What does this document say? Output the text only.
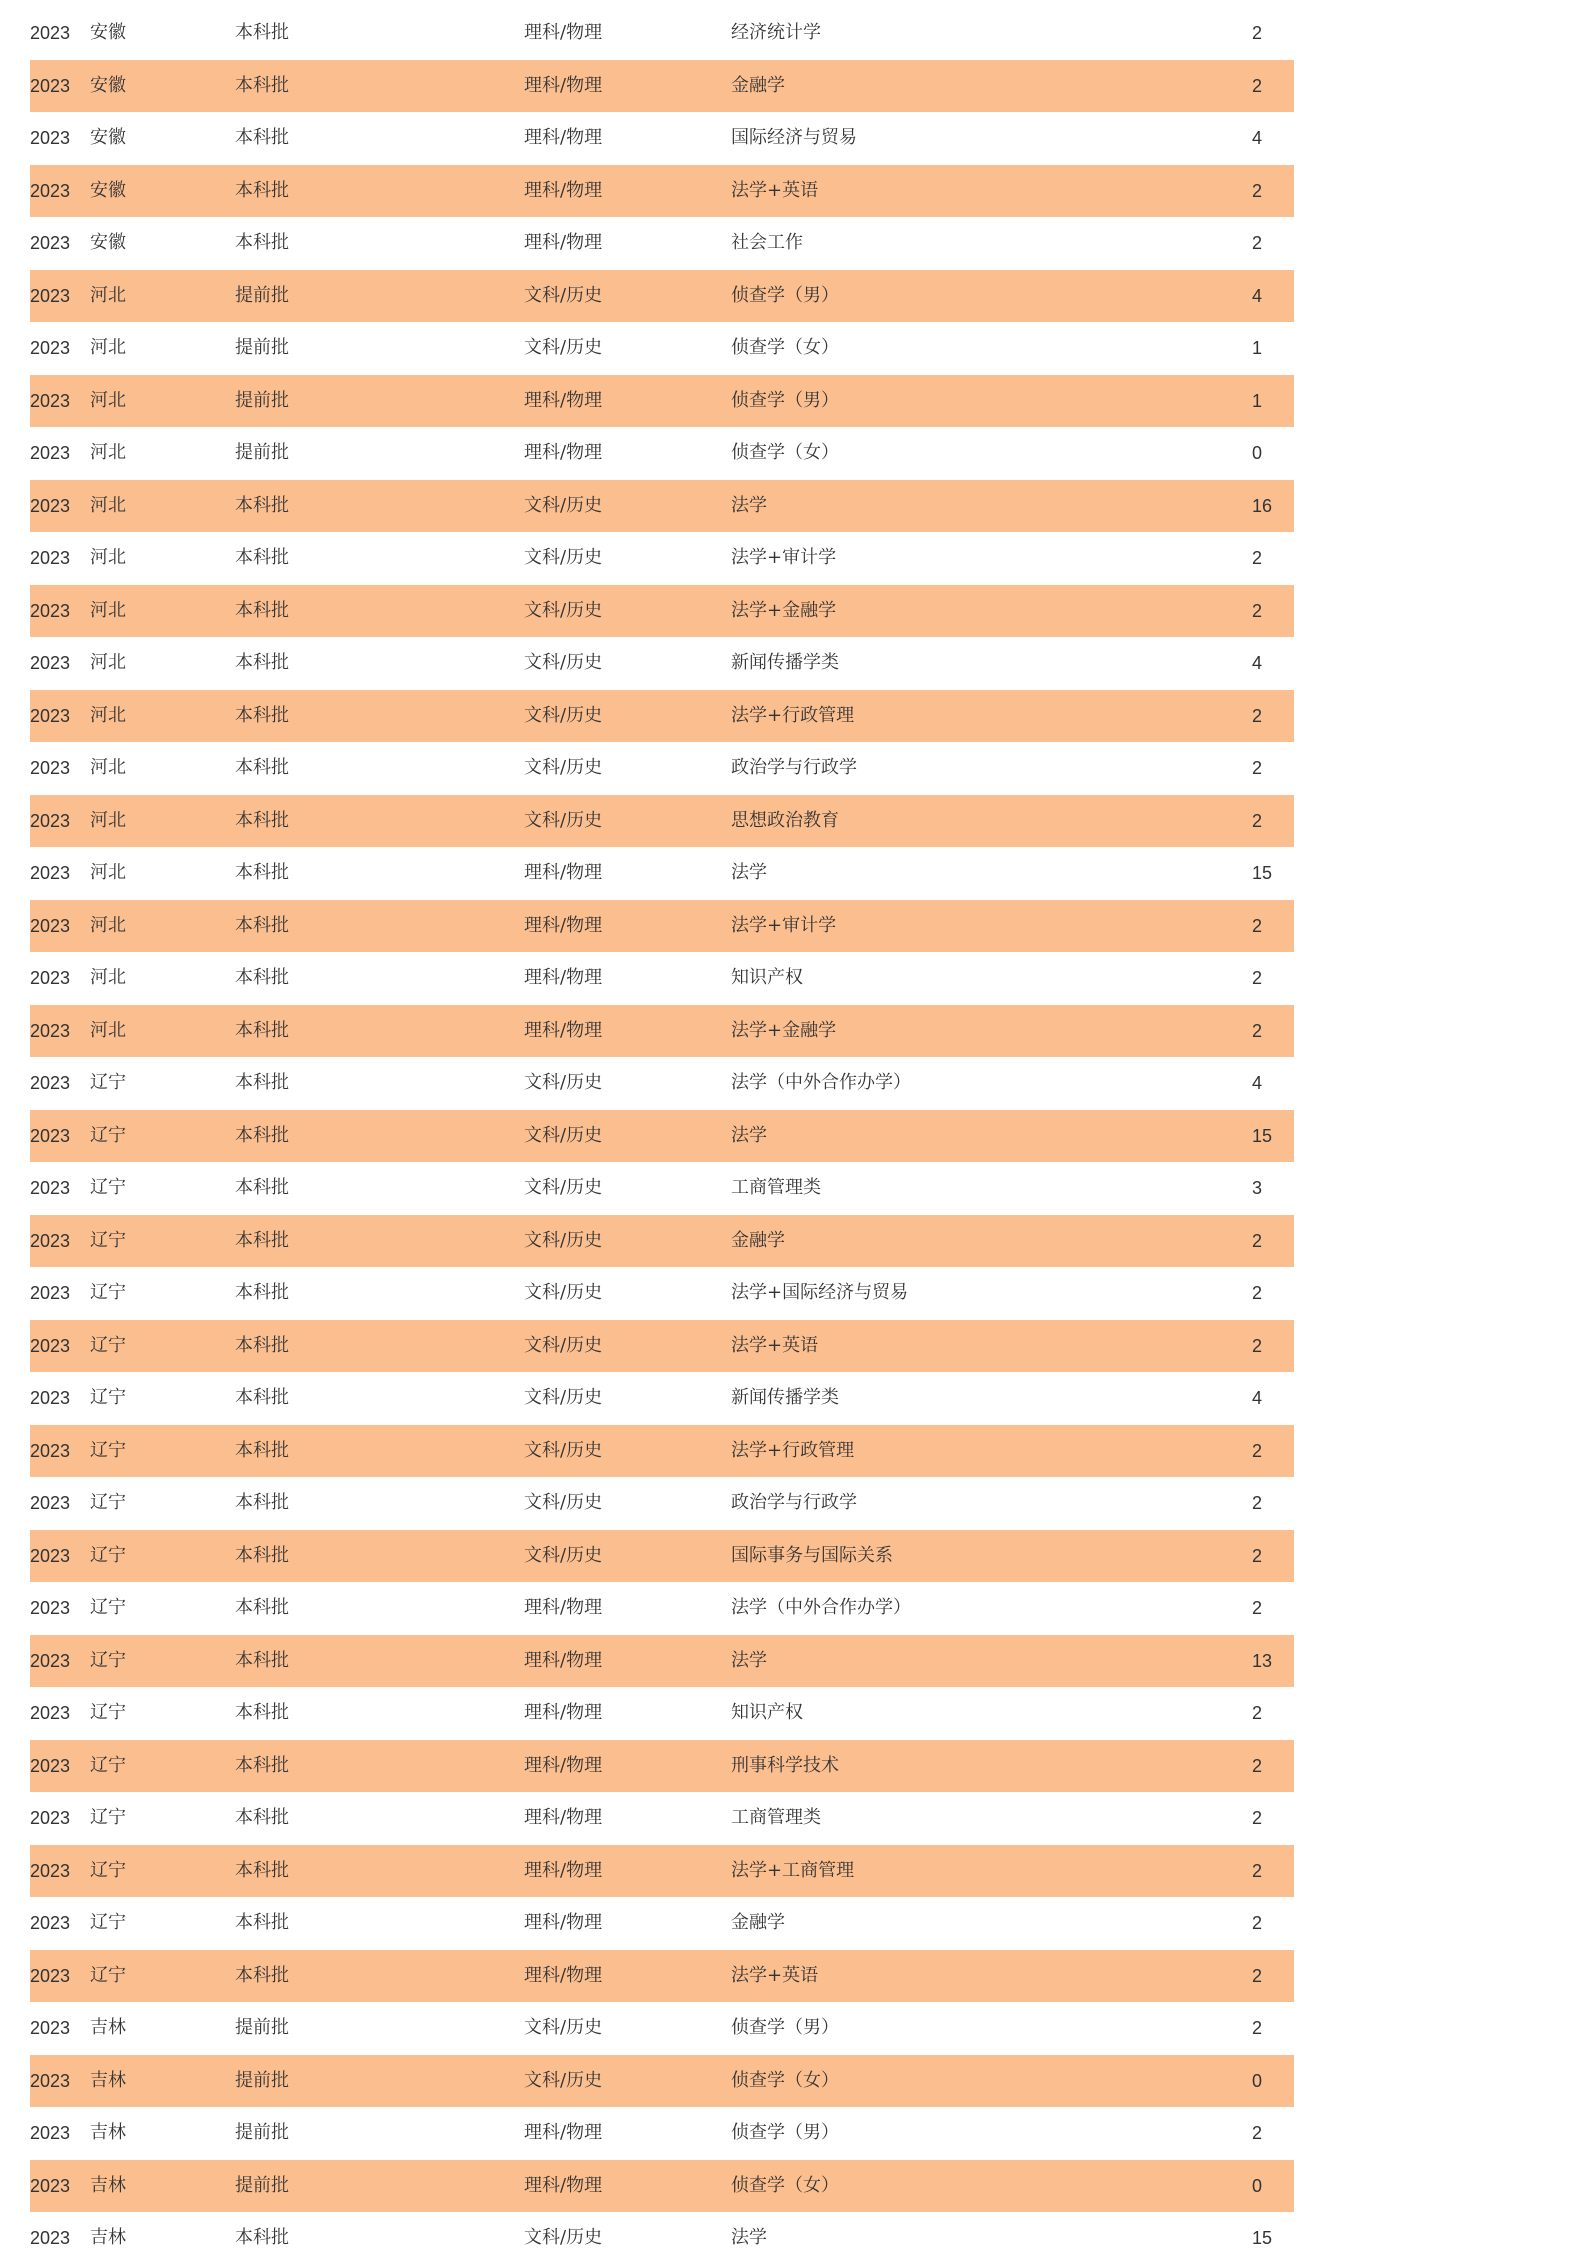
2023 安徽	本科批	理科/物理	经济统计学	2
2023 安徽	本科批	理科/物理	金融学	2
2023 安徽	本科批	理科/物理	国际经济与贸易	4
2023 安徽	本科批	理科/物理	法学+英语	2
2023 安徽	本科批	理科/物理	社会工作	2
2023 河北	提前批	文科/历史	侦查学（男）	4
2023 河北	提前批	文科/历史	侦查学（女）	1
2023 河北	提前批	理科/物理	侦查学（男）	1
2023 河北	提前批	理科/物理	侦查学（女）	0
2023 河北	本科批	文科/历史	法学	16
2023 河北	本科批	文科/历史	法学+审计学	2
2023 河北	本科批	文科/历史	法学+金融学	2
2023 河北	本科批	文科/历史	新闻传播学类	4
2023 河北	本科批	文科/历史	法学+行政管理	2
2023 河北	本科批	文科/历史	政治学与行政学	2
2023 河北	本科批	文科/历史	思想政治教育	2
2023 河北	本科批	理科/物理	法学	15
2023 河北	本科批	理科/物理	法学+审计学	2
2023 河北	本科批	理科/物理	知识产权	2
2023 河北	本科批	理科/物理	法学+金融学	2
2023 辽宁	本科批	文科/历史	法学（中外合作办学）	4
2023 辽宁	本科批	文科/历史	法学	15
2023 辽宁	本科批	文科/历史	工商管理类	3
2023 辽宁	本科批	文科/历史	金融学	2
2023 辽宁	本科批	文科/历史	法学+国际经济与贸易	2
2023 辽宁	本科批	文科/历史	法学+英语	2
2023 辽宁	本科批	文科/历史	新闻传播学类	4
2023 辽宁	本科批	文科/历史	法学+行政管理	2
2023 辽宁	本科批	文科/历史	政治学与行政学	2
2023 辽宁	本科批	文科/历史	国际事务与国际关系	2
2023 辽宁	本科批	理科/物理	法学（中外合作办学）	2
2023 辽宁	本科批	理科/物理	法学	13
2023 辽宁	本科批	理科/物理	知识产权	2
2023 辽宁	本科批	理科/物理	刑事科学技术	2
2023 辽宁	本科批	理科/物理	工商管理类	2
2023 辽宁	本科批	理科/物理	法学+工商管理	2
2023 辽宁	本科批	理科/物理	金融学	2
2023 辽宁	本科批	理科/物理	法学+英语	2
2023 吉林	提前批	文科/历史	侦查学（男）	2
2023 吉林	提前批	文科/历史	侦查学（女）	0
2023 吉林	提前批	理科/物理	侦查学（男）	2
2023 吉林	提前批	理科/物理	侦查学（女）	0
2023 吉林	本科批	文科/历史	法学	15
